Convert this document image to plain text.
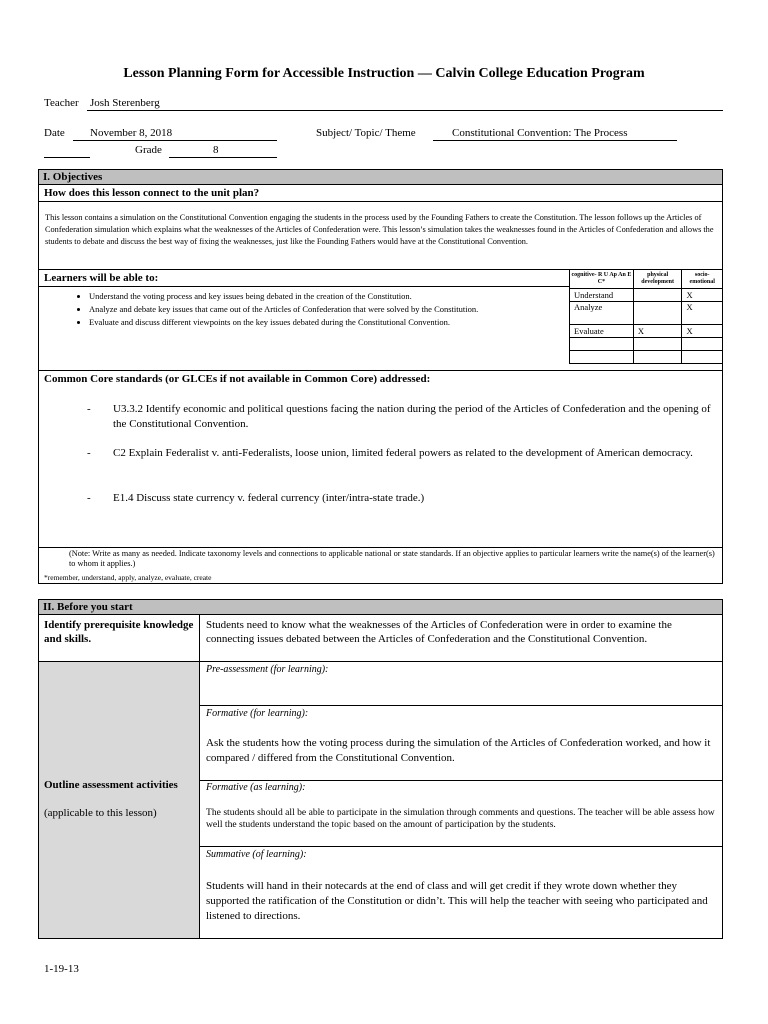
Lesson Planning Form for Accessible Instruction — Calvin College Education Program
Teacher Josh Sterenberg
Date November 8, 2018	Subject/ Topic/ Theme	Constitutional Convention: The Process
Grade	8
I. Objectives
How does this lesson connect to the unit plan?
This lesson contains a simulation on the Constitutional Convention engaging the students in the process used by the Founding Fathers to create the Constitution. The lesson follows up the Articles of Confederation simulation which explains what the weaknesses of the Articles of Confederation were. This lesson’s simulation takes the weaknesses found in the Articles of Confederation and allows the students to debate and discuss the best way of fixing the weaknesses, just like the Founding Fathers would have at the Constitutional Convention.
Learners will be able to:
• Understand the voting process and key issues being debated in the creation of the Constitution.
• Analyze and debate key issues that came out of the Articles of Confederation that were solved by the Constitution.
• Evaluate and discuss different viewpoints on the key issues debated during the Constitutional Convention.
cognitive- R U Ap An E C*	physical development	socio-emotional
Understand		X
Analyze		X
Evaluate	X	X

Common Core standards (or GLCEs if not available in Common Core) addressed:
- U3.3.2 Identify economic and political questions facing the nation during the period of the Articles of Confederation and the opening of the Constitutional Convention.
- C2 Explain Federalist v. anti-Federalists, loose union, limited federal powers as related to the development of American democracy.
- E1.4 Discuss state currency v. federal currency (inter/intra-state trade.)
(Note: Write as many as needed. Indicate taxonomy levels and connections to applicable national or state standards. If an objective applies to particular learners write the name(s) of the learner(s) to whom it applies.)
*remember, understand, apply, analyze, evaluate, create
II. Before you start
Identify prerequisite knowledge and skills.
Students need to know what the weaknesses of the Articles of Confederation were in order to examine the connecting issues debated between the Articles of Confederation and the Constitutional Convention.
Outline assessment activities
(applicable to this lesson)
Pre-assessment (for learning):
Formative (for learning):
Ask the students how the voting process during the simulation of the Articles of Confederation worked, and how it compared / differed from the Constitutional Convention.
Formative (as learning):
The students should all be able to participate in the simulation through comments and questions. The teacher will be able assess how well the students understand the topic based on the amount of participation by the students.
Summative (of learning):
Students will hand in their notecards at the end of class and will get credit if they wrote down whether they supported the ratification of the Constitution or didn’t. This will help the teacher with seeing who participated and listened to directions.
1-19-13
